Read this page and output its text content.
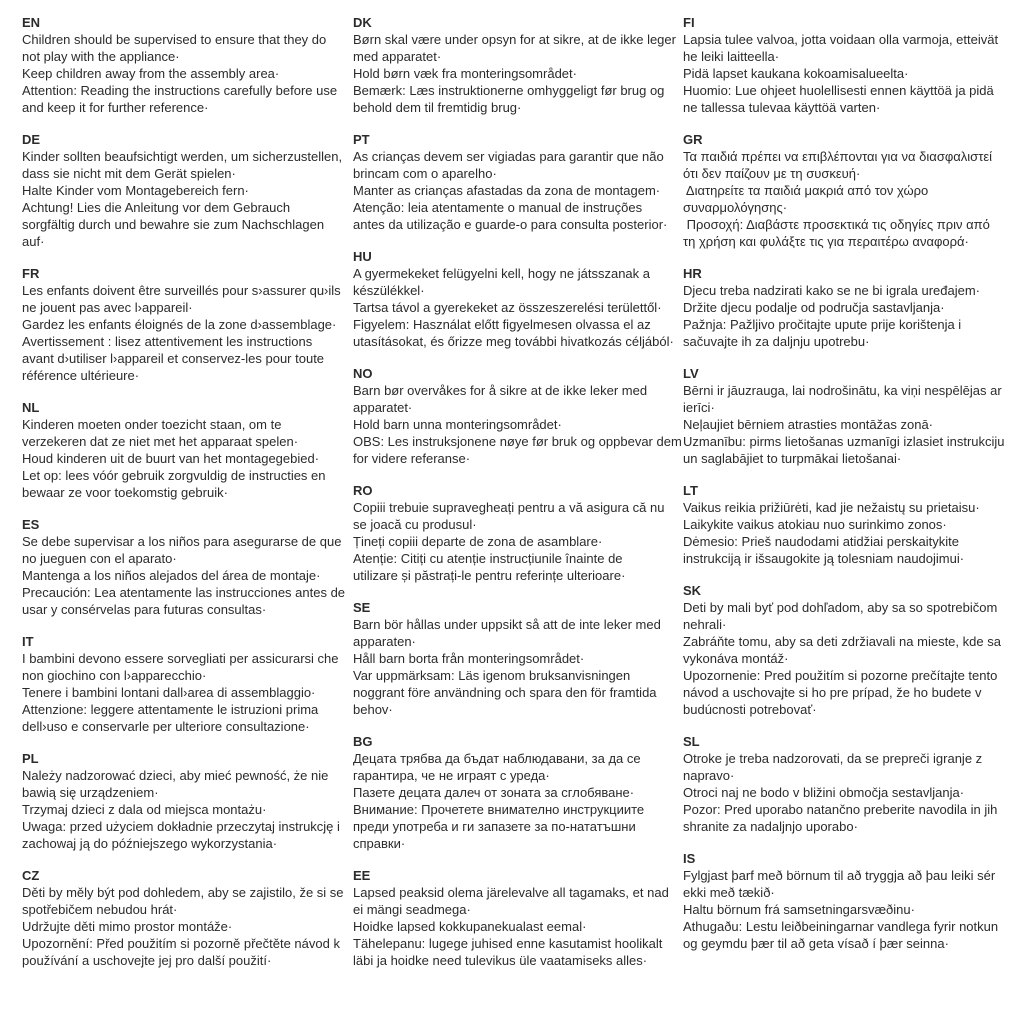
EN
Children should be supervised to ensure that they do
not play with the appliance·
Keep children away from the assembly area·
Attention: Reading the instructions carefully before use
and keep it for further reference·
DE
Kinder sollten beaufsichtigt werden, um sicherzustellen,
dass sie nicht mit dem Gerät spielen·
Halte Kinder vom Montagebereich fern·
Achtung! Lies die Anleitung vor dem Gebrauch
sorgfältig durch und bewahre sie zum Nachschlagen
auf·
FR
Les enfants doivent être surveillés pour s›assurer qu›ils
ne jouent pas avec l›appareil·
Gardez les enfants éloignés de la zone d›assemblage·
Avertissement : lisez attentivement les instructions
avant d›utiliser l›appareil et conservez-les pour toute
référence ultérieure·
NL
Kinderen moeten onder toezicht staan, om te
verzekeren dat ze niet met het apparaat spelen·
Houd kinderen uit de buurt van het montagegebied·
Let op: lees vóór gebruik zorgvuldig de instructies en
bewaar ze voor toekomstig gebruik·
ES
Se debe supervisar a los niños para asegurarse de que
no jueguen con el aparato·
Mantenga a los niños alejados del área de montaje·
Precaución: Lea atentamente las instrucciones antes de
usar y consérvelas para futuras consultas·
IT
I bambini devono essere sorvegliati per assicurarsi che
non giochino con l›apparecchio·
Tenere i bambini lontani dall›area di assemblaggio·
Attenzione: leggere attentamente le istruzioni prima
dell›uso e conservarle per ulteriore consultazione·
PL
Należy nadzorować dzieci, aby mieć pewność, że nie
bawią się urządzeniem·
Trzymaj dzieci z dala od miejsca montażu·
Uwaga: przed użyciem dokładnie przeczytaj instrukcję i
zachowaj ją do późniejszego wykorzystania·
CZ
Děti by měly být pod dohledem, aby se zajistilo, že si se
spotřebičem nebudou hrát·
Udržujte děti mimo prostor montáže·
Upozornění: Před použitím si pozorně přečtěte návod k
používání a uschovejte jej pro další použití·
DK
Børn skal være under opsyn for at sikre, at de ikke leger
med apparatet·
Hold børn væk fra monteringsområdet·
Bemærk: Læs instruktionerne omhyggeligt før brug og
behold dem til fremtidig brug·
PT
As crianças devem ser vigiadas para garantir que não
brincam com o aparelho·
Manter as crianças afastadas da zona de montagem·
Atenção: leia atentamente o manual de instruções
antes da utilização e guarde-o para consulta posterior·
HU
A gyermekeket felügyelni kell, hogy ne játsszanak a
készülékkel·
Tartsa távol a gyerekeket az összeszerelési területtől·
Figyelem: Használat előtt figyelmesen olvassa el az
utasításokat, és őrizze meg további hivatkozás céljából·
NO
Barn bør overvåkes for å sikre at de ikke leker med
apparatet·
Hold barn unna monteringsområdet·
OBS: Les instruksjonene nøye før bruk og oppbevar dem
for videre referanse·
RO
Copiii trebuie supravegheați pentru a vă asigura că nu
se joacă cu produsul·
Țineți copiii departe de zona de asamblare·
Atenție: Citiți cu atenție instrucțiunile înainte de
utilizare și păstrați-le pentru referințe ulterioare·
SE
Barn bör hållas under uppsikt så att de inte leker med
apparaten·
Håll barn borta från monteringsområdet·
Var uppmärksam: Läs igenom bruksanvisningen
noggrant före användning och spara den för framtida
behov·
BG
Децата трябва да бъдат наблюдавани, за да се
гарантира, че не играят с уреда·
Пазете децата далеч от зоната за сглобяване·
Внимание: Прочетете внимателно инструкциите
преди употреба и ги запазете за по-нататъшни
справки·
EE
Lapsed peaksid olema järelevalve all tagamaks, et nad
ei mängi seadmega·
Hoidke lapsed kokkupanekualast eemal·
Tähelepanu: lugege juhised enne kasutamist hoolikalt
läbi ja hoidke need tulevikus üle vaatamiseks alles·
FI
Lapsia tulee valvoa, jotta voidaan olla varmoja, etteivät
he leiki laitteella·
Pidä lapset kaukana kokoamisalueelta·
Huomio: Lue ohjeet huolellisesti ennen käyttöä ja pidä
ne tallessa tulevaa käyttöä varten·
GR
Τα παιδιά πρέπει να επιβλέπονται για να διασφαλιστεί
ότι δεν παίζουν με τη συσκευή·
Διατηρείτε τα παιδιά μακριά από τον χώρο
συναρμολόγησης·
Προσοχή: Διαβάστε προσεκτικά τις οδηγίες πριν από
τη χρήση και φυλάξτε τις για περαιτέρω αναφορά·
HR
Djecu treba nadzirati kako se ne bi igrala uređajem·
Držite djecu podalje od područja sastavljanja·
Pažnja: Pažljivo pročitajte upute prije korištenja i
sačuvajte ih za daljnju upotrebu·
LV
Bērni ir jāuzrauga, lai nodrošinātu, ka viņi nespēlējas ar
ierīci·
Neļaujiet bērniem atrasties montāžas zonā·
Uzmanību: pirms lietošanas uzmanīgi izlasiet instrukciju
un saglabājiet to turpmākai lietošanai·
LT
Vaikus reikia prižiūrėti, kad jie nežaistų su prietaisu·
Laikykite vaikus atokiau nuo surinkimo zonos·
Dėmesio: Prieš naudodami atidžiai perskaitykite
instrukciją ir išsaugokite ją tolesniam naudojimui·
SK
Deti by mali byť pod dohľadom, aby sa so spotrebičom
nehrali·
Zabráňte tomu, aby sa deti zdržiavali na mieste, kde sa
vykonáva montáž·
Upozornenie: Pred použitím si pozorne prečítajte tento
návod a uschovajte si ho pre prípad, že ho budete v
budúcnosti potrebovať·
SL
Otroke je treba nadzorovati, da se prepreči igranje z
napravo·
Otroci naj ne bodo v bližini območja sestavljanja·
Pozor: Pred uporabo natančno preberite navodila in jih
shranite za nadaljnjo uporabo·
IS
Fylgjast þarf með börnum til að tryggja að þau leiki sér
ekki með tækið·
Haltu börnum frá samsetningarsvæðinu·
Athugaðu: Lestu leiðbeiningarnar vandlega fyrir notkun
og geymdu þær til að geta vísað í þær seinna·
